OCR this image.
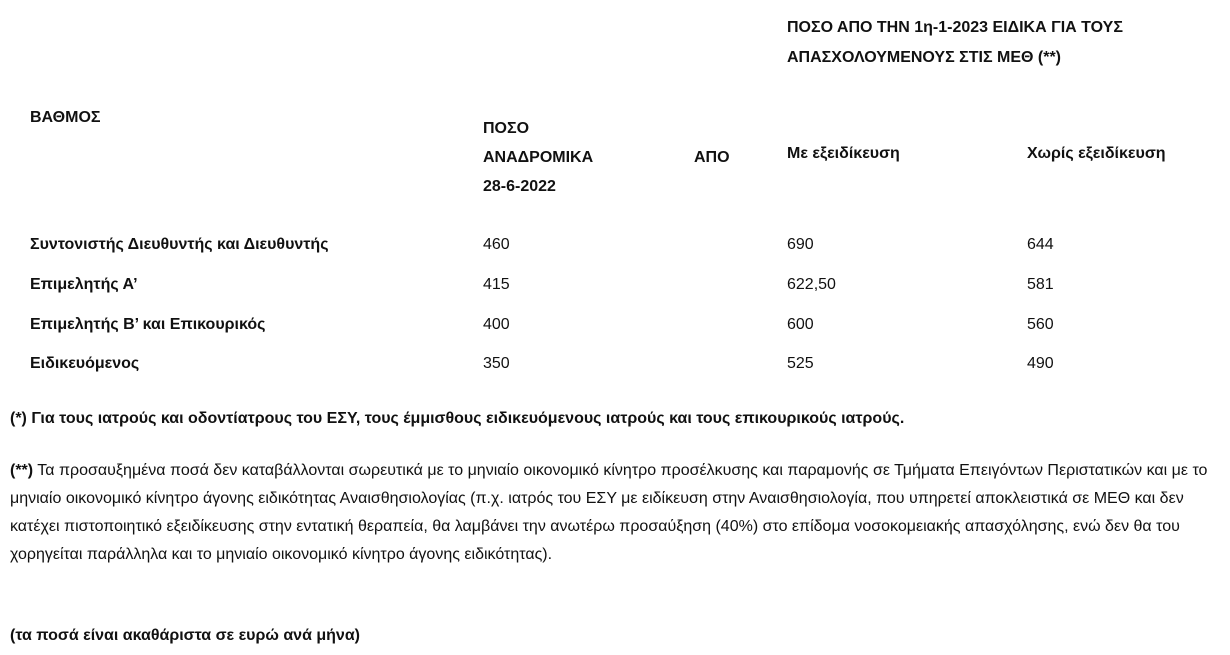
ΠΟΣΟ ΑΠΟ ΤΗΝ 1η-1-2023 ΕΙΔΙΚΑ ΓΙΑ ΤΟΥΣ
ΑΠΑΣΧΟΛΟΥΜΕΝΟΥΣ ΣΤΙΣ ΜΕΘ (**)
ΒΑΘΜΟΣ
ΠΟΣΟ
ΑΝΑΔΡΟΜΙΚΑ
28-6-2022
ΑΠΟ	Με εξειδίκευση	Χωρίς εξειδίκευση
Συντονιστής Διευθυντής και Διευθυντής	460	690	644
Επιμελητής Α’	415	622,50	581
Επιμελητής Β’ και Επικουρικός	400	600	560
Ειδικευόμενος	350	525	490
(*) Για τους ιατρούς και οδοντίατρους του ΕΣΥ, τους έμμισθους ειδικευόμενους ιατρούς και τους επικουρικούς ιατρούς.
(**) Τα προσαυξημένα ποσά δεν καταβάλλονται σωρευτικά με το μηνιαίο οικονομικό κίνητρο προσέλκυσης και παραμονής σε Τμήματα Επειγόντων Περιστατικών και με το μηνιαίο οικονομικό κίνητρο άγονης ειδικότητας Αναισθησιολογίας (π.χ. ιατρός του ΕΣΥ με ειδίκευση στην Αναισθησιολογία, που υπηρετεί αποκλειστικά σε ΜΕΘ και δεν κατέχει πιστοποιητικό εξειδίκευσης στην εντατική θεραπεία, θα λαμβάνει την ανωτέρω προσαύξηση (40%) στο επίδομα νοσοκομειακής απασχόλησης, ενώ δεν θα του χορηγείται παράλληλα και το μηνιαίο οικονομικό κίνητρο άγονης ειδικότητας).
(τα ποσά είναι ακαθάριστα σε ευρώ ανά μήνα)
